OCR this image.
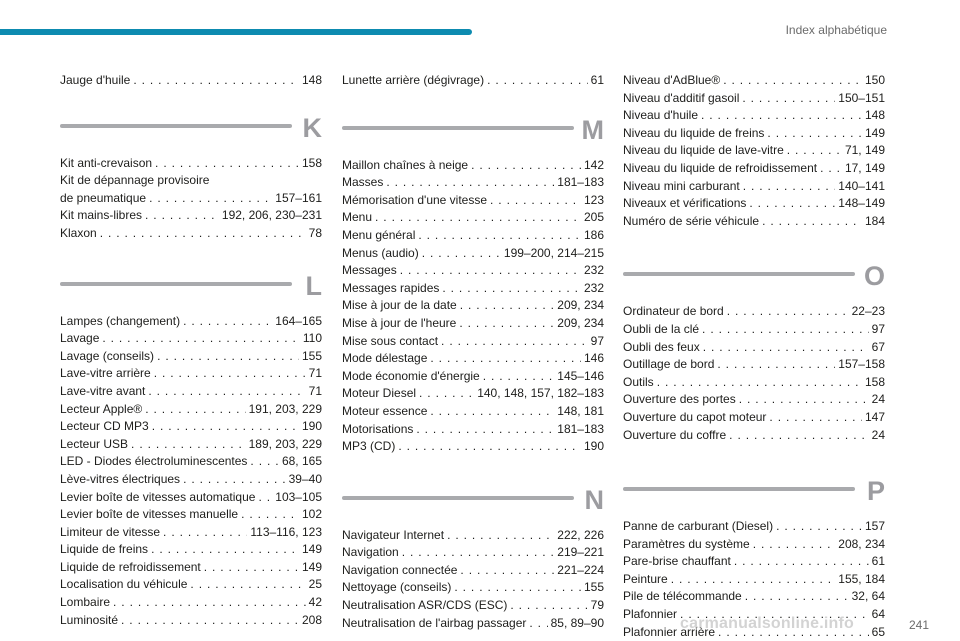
Index alphabétique
Jauge d'huile . . .	148
K
Kit anti-crevaison . . .	158
Kit de dépannage provisoire
de pneumatique . . .	157–161
Kit mains-libres . . .	192, 206, 230–231
Klaxon . . .	78
L
Lampes (changement) . . .	164–165
Lavage . . .	110
Lavage (conseils) . . .	155
Lave-vitre arrière . . .	71
Lave-vitre avant . . .	71
Lecteur Apple® . . .	191, 203, 229
Lecteur CD MP3 . . .	190
Lecteur USB . . .	189, 203, 229
LED - Diodes électroluminescentes . . .	68, 165
Lève-vitres électriques . . .	39–40
Levier boîte de vitesses automatique . . . 103–105
Levier boîte de vitesses manuelle . . .	102
Limiteur de vitesse . . .	113–116, 123
Liquide de freins . . .	149
Liquide de refroidissement . . .	149
Localisation du véhicule . . .	25
Lombaire . . .	42
Luminosité . . .	208
Lunette arrière (dégivrage) . . .	61
M
Maillon chaînes à neige . . .	142
Masses . . .	181–183
Mémorisation d'une vitesse . . .	123
Menu . . .	205
Menu général . . .	186
Menus (audio) . . .	199–200, 214–215
Messages . . .	232
Messages rapides . . .	232
Mise à jour de la date . . .	209, 234
Mise à jour de l'heure . . .	209, 234
Mise sous contact . . .	97
Mode délestage . . .	146
Mode économie d'énergie . . .	145–146
Moteur Diesel . . .	140, 148, 157, 182–183
Moteur essence . . .	148, 181
Motorisations . . .	181–183
MP3 (CD) . . .	190
N
Navigateur Internet . . .	222, 226
Navigation . . .	219–221
Navigation connectée . . .	221–224
Nettoyage (conseils) . . .	155
Neutralisation ASR/CDS (ESC) . . .	79
Neutralisation de l'airbag passager . . . 85, 89–90
Niveau d'AdBlue® . . .	150
Niveau d'additif gasoil . . .	150–151
Niveau d'huile . . .	148
Niveau du liquide de freins . . .	149
Niveau du liquide de lave-vitre . . .	71, 149
Niveau du liquide de refroidissement . . . 17, 149
Niveau mini carburant . . .	140–141
Niveaux et vérifications . . .	148–149
Numéro de série véhicule . . .	184
O
Ordinateur de bord . . .	22–23
Oubli de la clé . . .	97
Oubli des feux . . .	67
Outillage de bord . . .	157–158
Outils . . .	158
Ouverture des portes . . .	24
Ouverture du capot moteur . . .	147
Ouverture du coffre . . .	24
P
Panne de carburant (Diesel) . . .	157
Paramètres du système . . .	208, 234
Pare-brise chauffant . . .	61
Peinture . . .	155, 184
Pile de télécommande . . .	32, 64
Plafonnier . . .	64
Plafonnier arrière . . .	65
carmanualsonline.info	241
